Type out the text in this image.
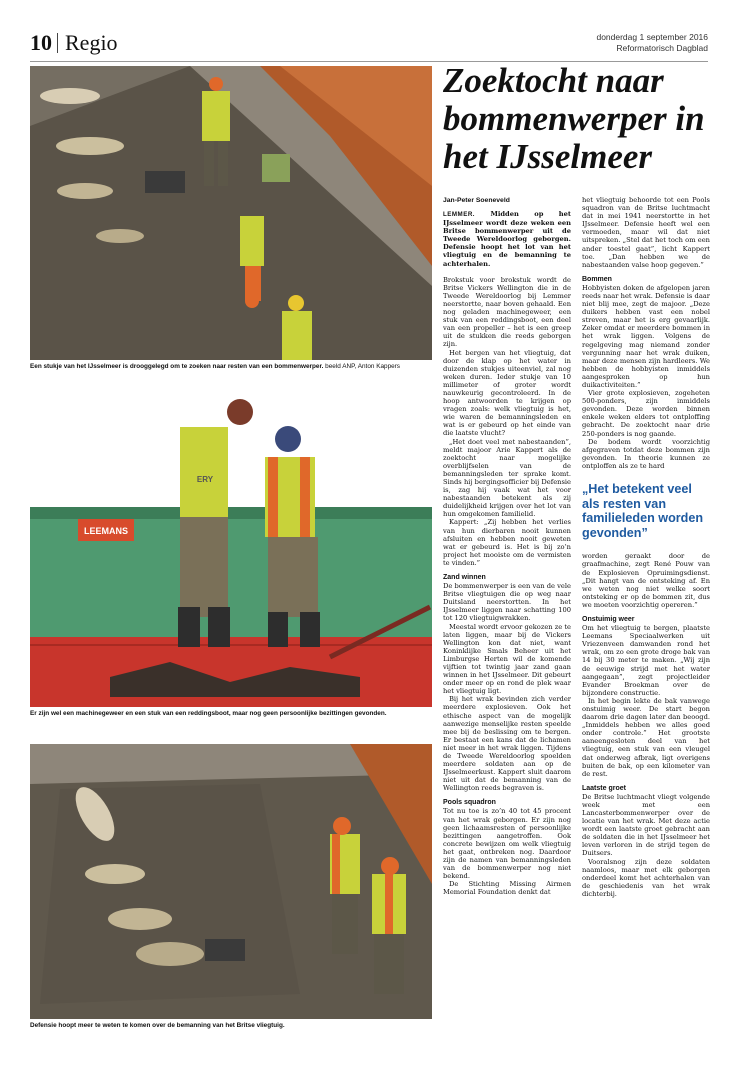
10 Regio	donderdag 1 september 2016
Reformatorisch Dagblad
Een stukje van het IJsselmeer is drooggelegd om te zoeken naar resten van een bommenwerper. beeld ANP, Anton Kappers
LEEMANS
ERY
Er zijn wel een machinegeweer en een stuk van een reddingsboot, maar nog geen persoonlijke bezittingen gevonden.
Defensie hoopt meer te weten te komen over de bemanning van het Britse vliegtuig.
Zoektocht naar bommenwerper in het IJsselmeer
Jan-Peter Soeneveld

LEMMER. Midden op het IJsselmeer wordt deze weken een Britse bommenwerper uit de Tweede Wereldoorlog geborgen. Defensie hoopt het lot van het vliegtuig en de bemanning te achterhalen.

Brokstuk voor brokstuk wordt de Britse Vickers Wellington die in de Tweede Wereldoorlog bij Lemmer neerstortte, naar boven gehaald. Een nog geladen machinegeweer, een stuk van een reddingsboot, een deel van een propeller – het is een greep uit de stukken die reeds geborgen zijn.

Het bergen van het vliegtuig, dat door de klap op het water in duizenden stukjes uiteenviel, zal nog weken duren. Ieder stukje van 10 millimeter of groter wordt nauwkeurig gecontroleerd. In de hoop antwoorden te krijgen op vragen zoals: welk vliegtuig is het, wie waren de bemanningsleden en wat is er gebeurd op het einde van die laatste vlucht?

„Het doet veel met nabestaanden”, meldt majoor Arie Kappert als de zoektocht naar mogelijke overblijfselen van de bemanningsleden ter sprake komt. Sinds hij bergingsofficier bij Defensie is, zag hij vaak wat het voor nabestaanden betekent als zij duidelijkheid krijgen over het lot van hun omgekomen familielid.

Kappert: „Zij hebben het verlies van hun dierbaren nooit kunnen afsluiten en hebben nooit geweten wat er gebeurd is. Het is bij zo’n project het mooiste om de vermisten te vinden.”

Zand winnen

De bommenwerper is een van de vele Britse vliegtuigen die op weg naar Duitsland neerstortten. In het IJsselmeer liggen naar schatting 100 tot 120 vliegtuigwrakken.

Meestal wordt ervoor gekozen ze te laten liggen, maar bij de Vickers Wellington kon dat niet, want Koninklijke Smals Beheer uit het Limburgse Herten wil de komende vijftien tot twintig jaar zand gaan winnen in het IJsselmeer. Dit gebeurt onder meer op en rond de plek waar het vliegtuig ligt.

Bij het wrak bevinden zich verder meerdere explosieven. Ook het ethische aspect van de mogelijk aanwezige menselijke resten speelde mee bij de beslissing om te bergen. Er bestaat een kans dat de lichamen niet meer in het wrak liggen. Tijdens de Tweede Wereldoorlog spoelden meerdere soldaten aan op de IJsselmeerkust. Kappert sluit daarom niet uit dat de bemanning van de Wellington reeds begraven is.

Pools squadron

Tot nu toe is zo’n 40 tot 45 procent van het wrak geborgen. Er zijn nog geen lichaamsresten of persoonlijke bezittingen aangetroffen. Ook concrete bewijzen om welk vliegtuig het gaat, ontbreken nog. Daardoor zijn de namen van bemanningsleden van de bommenwerper nog niet bekend.

De Stichting Missing Airmen Memorial Foundation denkt dat

het vliegtuig behoorde tot een Pools squadron van de Britse luchtmacht dat in mei 1941 neerstortte in het IJsselmeer. Defensie heeft wel een vermoeden, maar wil dat niet uitspreken. „Stel dat het toch om een ander toestel gaat”, licht Kappert toe. „Dan hebben we de nabestaanden valse hoop gegeven.”

Bommen

Hobbyisten doken de afgelopen jaren reeds naar het wrak. Defensie is daar niet blij mee, zegt de majoor. „Deze duikers hebben vast een nobel streven, maar het is erg gevaarlijk. Zeker omdat er meerdere bommen in het wrak liggen. Volgens de regelgeving mag niemand zonder vergunning naar het wrak duiken, maar deze mensen zijn hardleers. We hebben de hobbyisten inmiddels aangesproken op hun duikactiviteiten.”

Vier grote explosieven, zogeheten 500-ponders, zijn inmiddels gevonden. Deze worden binnen enkele weken elders tot ontploffing gebracht. De zoektocht naar drie 250-ponders is nog gaande.

De bodem wordt voorzichtig afgegraven totdat deze bommen zijn gevonden. In theorie kunnen ze ontploffen als ze te hard

„Het betekent veel als resten van familieleden worden gevonden”

worden geraakt door de graafmachine, zegt René Pouw van de Explosieven Opruimingsdienst. „Dit hangt van de ontsteking af. En we weten nog niet welke soort ontsteking er op de bommen zit, dus we moeten voorzichtig opereren.”

Onstuimig weer

Om het vliegtuig te bergen, plaatste Leemans Speciaalwerken uit Vriezenveen damwanden rond het wrak, om zo een grote droge bak van 14 bij 30 meter te maken. „Wij zijn de eeuwige strijd met het water aangegaan”, zegt projectleider Evander Broekman over de bijzondere constructie.

In het begin lekte de bak vanwege onstuimig weer. De start begon daarom drie dagen later dan beoogd. „Inmiddels hebben we alles goed onder controle.” Het grootste aaneengesloten deel van het vliegtuig, een stuk van een vleugel dat onderweg afbrak, ligt overigens buiten de bak, op een kilometer van de rest.

Laatste groet

De Britse luchtmacht vliegt volgende week met een Lancasterbommenwerper over de locatie van het wrak. Met deze actie wordt een laatste groet gebracht aan de soldaten die in het IJsselmeer het leven verloren in de strijd tegen de Duitsers.

Vooralsnog zijn deze soldaten naamloos, maar met elk geborgen onderdeel komt het achterhalen van de geschiedenis van het wrak dichterbij.
